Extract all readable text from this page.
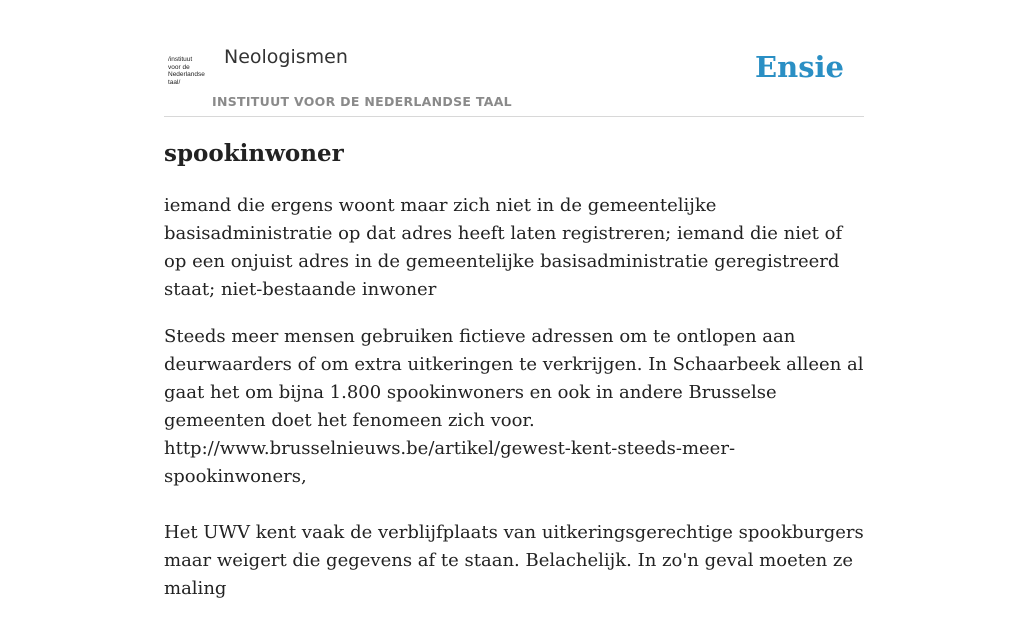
/instituut
voor de
Nederlandse
taal/
Neologismen
INSTITUUT VOOR DE NEDERLANDSE TAAL
Ensie
spookinwoner

iemand die ergens woont maar zich niet in de gemeentelijke basisadministratie op dat adres heeft laten registreren; iemand die niet of op een onjuist adres in de gemeentelijke basisadministratie geregistreerd staat; niet-bestaande inwoner

Steeds meer mensen gebruiken fictieve adressen om te ontlopen aan deurwaarders of om extra uitkeringen te verkrijgen. In Schaarbeek alleen al gaat het om bijna 1.800 spookinwoners en ook in andere Brusselse gemeenten doet het fenomeen zich voor.
http://www.brusselnieuws.be/artikel/gewest-kent-steeds-meer-spookinwoners,
Het UWV kent vaak de verblijfplaats van uitkeringsgerechtige spookburgers maar weigert die gegevens af te staan. Belachelijk. In zo'n geval moeten ze maling
